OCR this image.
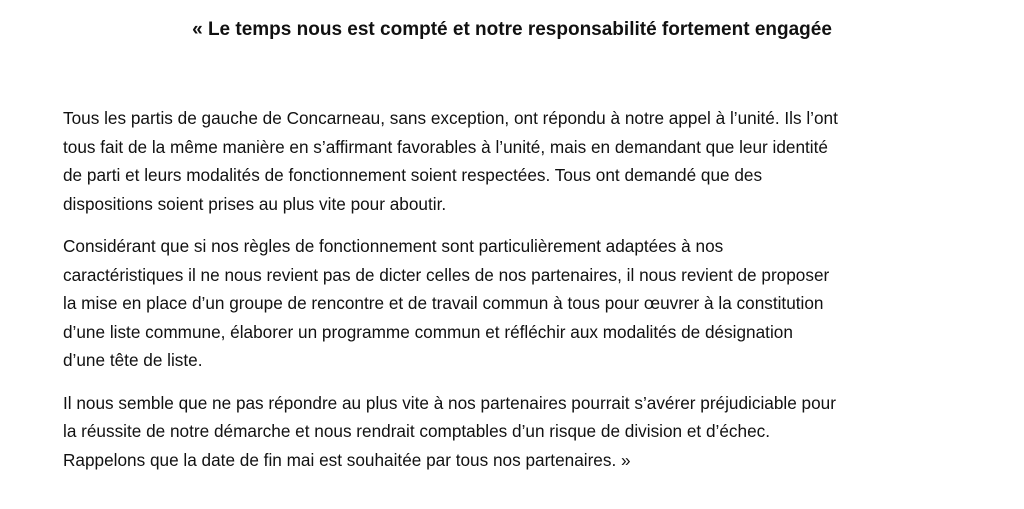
« Le temps nous est compté et notre responsabilité fortement engagée

Tous les partis de gauche de Concarneau, sans exception, ont répondu à notre appel à l’unité. Ils l’ont
tous fait de la même manière en s’affirmant favorables à l’unité, mais en demandant que leur identité
de parti et leurs modalités de fonctionnement soient respectées. Tous ont demandé que des
dispositions soient prises au plus vite pour aboutir.

Considérant que si nos règles de fonctionnement sont particulièrement adaptées à nos
caractéristiques il ne nous revient pas de dicter celles de nos partenaires, il nous revient de proposer
la mise en place d’un groupe de rencontre et de travail commun à tous pour œuvrer à la constitution
d’une liste commune, élaborer un programme commun et réfléchir aux modalités de désignation
d’une tête de liste.

Il nous semble que ne pas répondre au plus vite à nos partenaires pourrait s’avérer préjudiciable pour
la réussite de notre démarche et nous rendrait comptables d’un risque de division et d’échec.
Rappelons que la date de fin mai est souhaitée par tous nos partenaires. »
